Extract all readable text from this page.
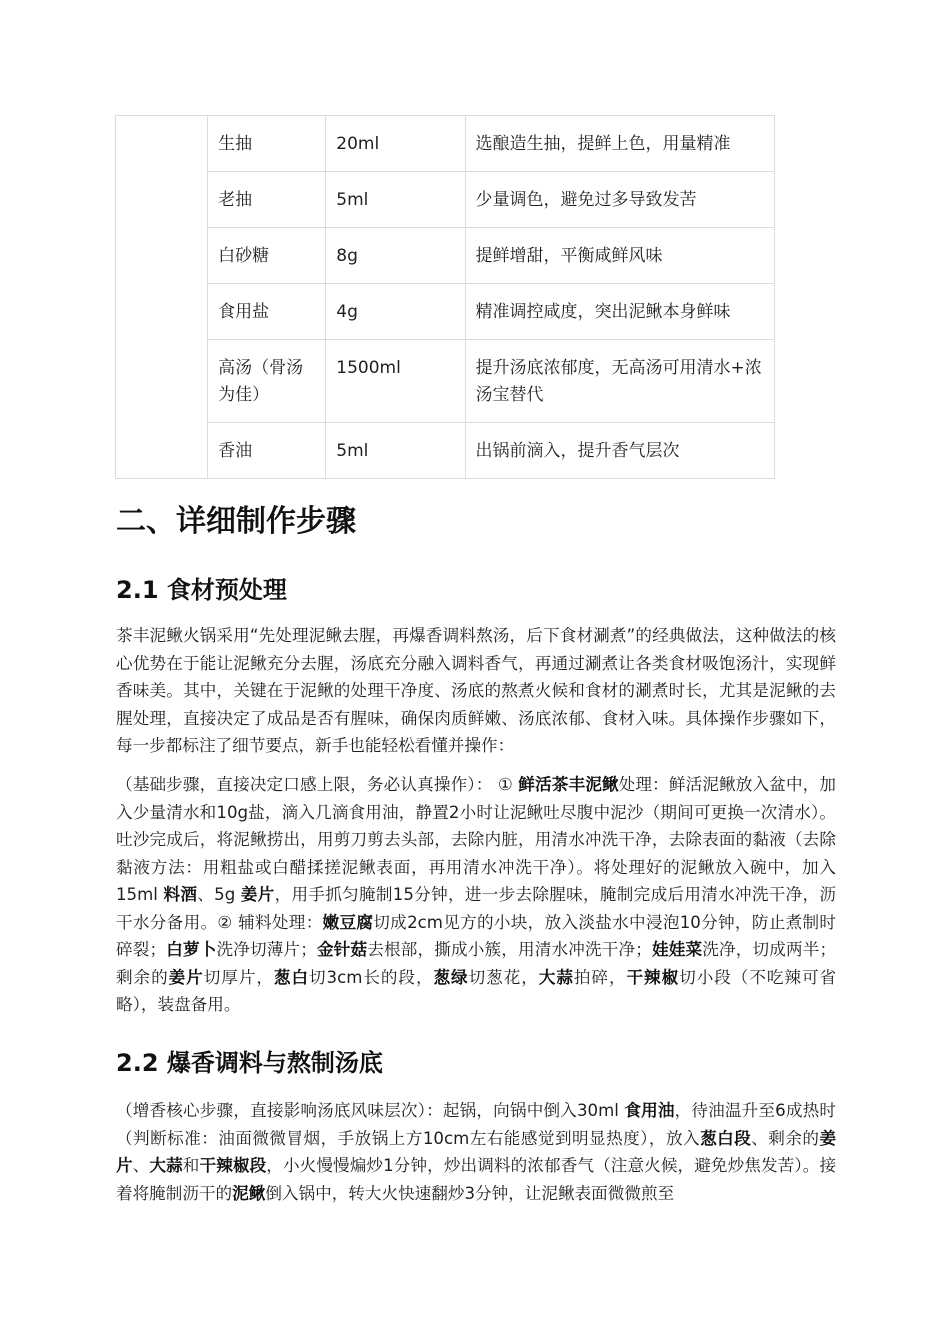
	生抽	20ml	选酿造生抽，提鲜上色，用量精准
	老抽	5ml	少量调色，避免过多导致发苦
	白砂糖	8g	提鲜增甜，平衡咸鲜风味
	食用盐	4g	精准调控咸度，突出泥鳅本身鲜味
	高汤（骨汤为佳）	1500ml	提升汤底浓郁度，无高汤可用清水+浓汤宝替代
	香油	5ml	出锅前滴入，提升香气层次
二、详细制作步骤
2.1 食材预处理

茶丰泥鳅火锅采用“先处理泥鳅去腥，再爆香调料熬汤，后下食材涮煮”的经典做法，这种做法的核心优势在于能让泥鳅充分去腥，汤底充分融入调料香气，再通过涮煮让各类食材吸饱汤汁，实现鲜香味美。其中，关键在于泥鳅的处理干净度、汤底的熬煮火候和食材的涮煮时长，尤其是泥鳅的去腥处理，直接决定了成品是否有腥味，确保肉质鲜嫩、汤底浓郁、食材入味。具体操作步骤如下，每一步都标注了细节要点，新手也能轻松看懂并操作：

（基础步骤，直接决定口感上限，务必认真操作）： ① 鲜活茶丰泥鳅处理：鲜活泥鳅放入盆中，加入少量清水和10g盐，滴入几滴食用油，静置2小时让泥鳅吐尽腹中泥沙（期间可更换一次清水）。吐沙完成后，将泥鳅捞出，用剪刀剪去头部，去除内脏，用清水冲洗干净，去除表面的黏液（去除黏液方法：用粗盐或白醋揉搓泥鳅表面，再用清水冲洗干净）。将处理好的泥鳅放入碗中，加入15ml 料酒、5g 姜片，用手抓匀腌制15分钟，进一步去除腥味，腌制完成后用清水冲洗干净，沥干水分备用。② 辅料处理：嫩豆腐切成2cm见方的小块，放入淡盐水中浸泡10分钟，防止煮制时碎裂；白萝卜洗净切薄片；金针菇去根部，撕成小簇，用清水冲洗干净；娃娃菜洗净，切成两半；剩余的姜片切厚片，葱白切3cm长的段，葱绿切葱花，大蒜拍碎，干辣椒切小段（不吃辣可省略），装盘备用。

2.2 爆香调料与熬制汤底

（增香核心步骤，直接影响汤底风味层次）：起锅，向锅中倒入30ml 食用油，待油温升至6成热时（判断标准：油面微微冒烟，手放锅上方10cm左右能感觉到明显热度），放入葱白段、剩余的姜片、大蒜和干辣椒段，小火慢慢煸炒1分钟，炒出调料的浓郁香气（注意火候，避免炒焦发苦）。接着将腌制沥干的泥鳅倒入锅中，转大火快速翻炒3分钟，让泥鳅表面微微煎至
